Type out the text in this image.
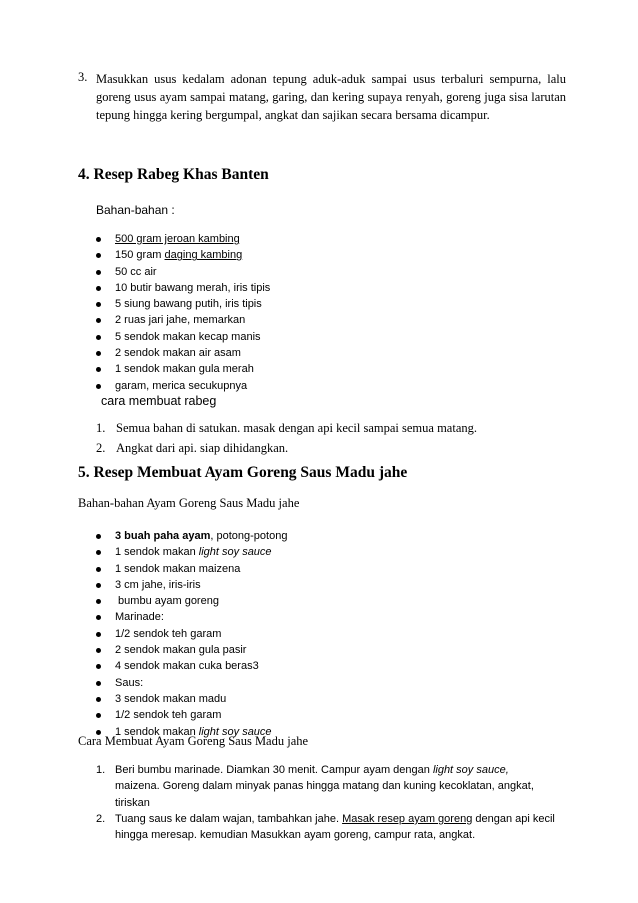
3. Masukkan usus kedalam adonan tepung aduk-aduk sampai usus terbaluri sempurna, lalu goreng usus ayam sampai matang, garing, dan kering supaya renyah, goreng juga sisa larutan tepung hingga kering bergumpal, angkat dan sajikan secara bersama dicampur.
4. Resep Rabeg Khas Banten
Bahan-bahan :
500 gram jeroan kambing
150 gram daging kambing
50 cc air
10 butir bawang merah, iris tipis
5 siung bawang putih, iris tipis
2 ruas jari jahe, memarkan
5 sendok makan kecap manis
2 sendok makan air asam
1 sendok makan gula merah
garam, merica secukupnya
cara membuat rabeg
1. Semua bahan di satukan. masak dengan api kecil sampai semua matang.
2. Angkat dari api. siap dihidangkan.
5. Resep Membuat Ayam Goreng Saus Madu jahe
Bahan-bahan Ayam Goreng Saus Madu jahe
3 buah paha ayam, potong-potong
1 sendok makan light soy sauce
1 sendok makan maizena
3 cm jahe, iris-iris
bumbu ayam goreng
Marinade:
1/2 sendok teh garam
2 sendok makan gula pasir
4 sendok makan cuka beras3
Saus:
3 sendok makan madu
1/2 sendok teh garam
1 sendok makan light soy sauce
Cara Membuat Ayam Goreng Saus Madu jahe
1. Beri bumbu marinade. Diamkan 30 menit. Campur ayam dengan light soy sauce, maizena. Goreng dalam minyak panas hingga matang dan kuning kecoklatan, angkat, tiriskan
2. Tuang saus ke dalam wajan, tambahkan jahe. Masak resep ayam goreng dengan api kecil hingga meresap. kemudian Masukkan ayam goreng, campur rata, angkat.
